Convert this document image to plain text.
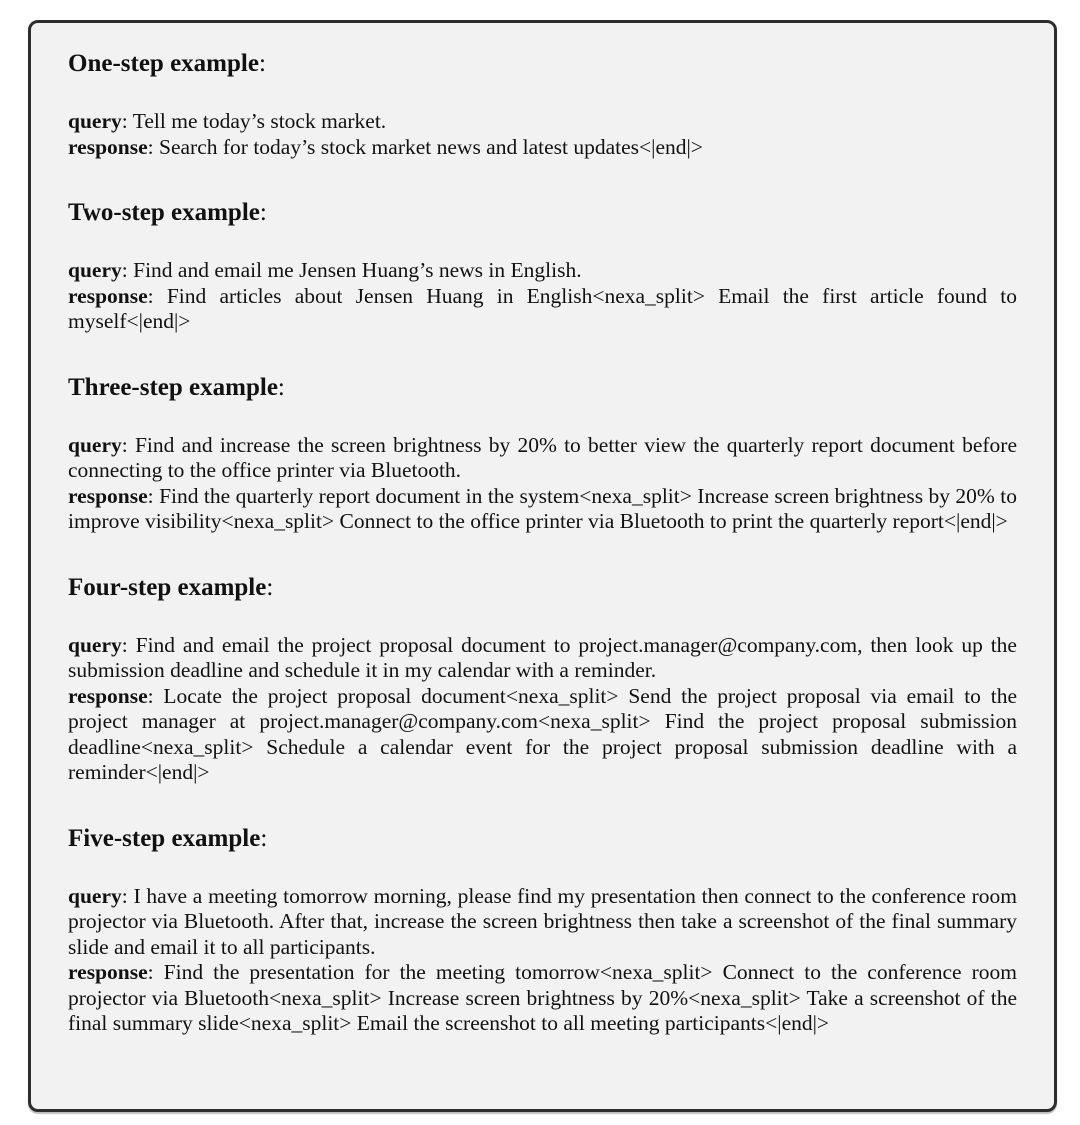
One-step example:

query: Tell me today’s stock market.

response: Search for today’s stock market news and latest updates<|end|>

Two-step example:

query: Find and email me Jensen Huang’s news in English.

response: Find articles about Jensen Huang in English<nexa_split> Email the first article found to myself<|end|>

Three-step example:

query: Find and increase the screen brightness by 20% to better view the quarterly report document before connecting to the office printer via Bluetooth.

response: Find the quarterly report document in the system<nexa_split> Increase screen brightness by 20% to improve visibility<nexa_split> Connect to the office printer via Bluetooth to print the quarterly report<|end|>

Four-step example:

query: Find and email the project proposal document to project.manager@company.com, then look up the submission deadline and schedule it in my calendar with a reminder.

response: Locate the project proposal document<nexa_split> Send the project proposal via email to the project manager at project.manager@company.com<nexa_split> Find the project proposal submission deadline<nexa_split> Schedule a calendar event for the project proposal submission deadline with a reminder<|end|>

Five-step example:

query: I have a meeting tomorrow morning, please find my presentation then connect to the conference room projector via Bluetooth. After that, increase the screen brightness then take a screenshot of the final summary slide and email it to all participants.

response: Find the presentation for the meeting tomorrow<nexa_split> Connect to the conference room projector via Bluetooth<nexa_split> Increase screen brightness by 20%<nexa_split> Take a screenshot of the final summary slide<nexa_split> Email the screenshot to all meeting participants<|end|>
